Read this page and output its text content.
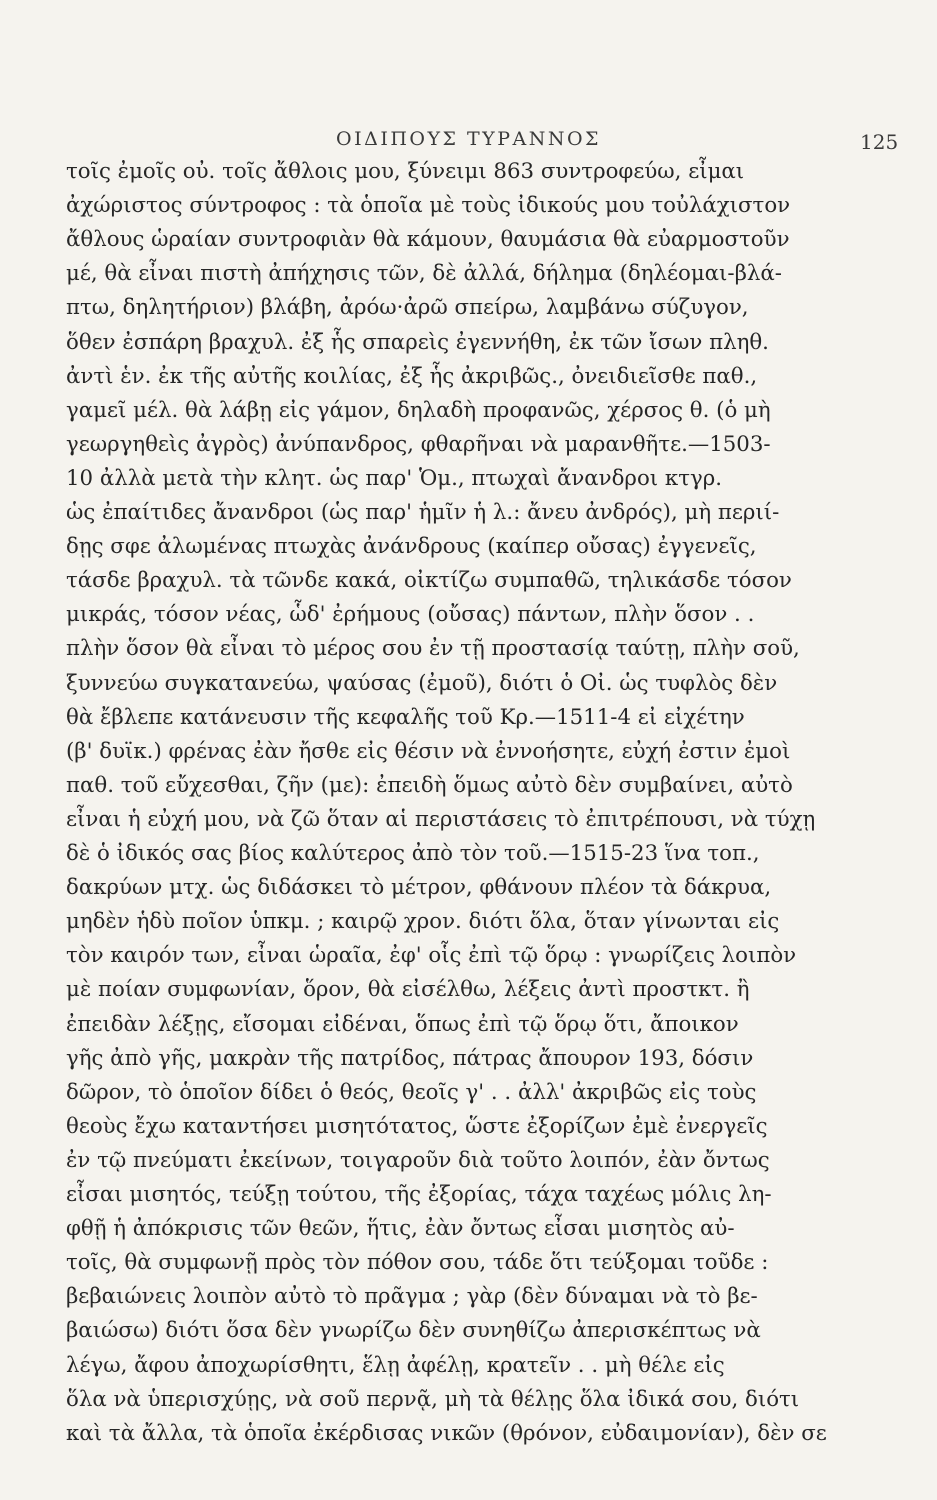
ΟΙΔΙΠΟΥΣ ΤΥΡΑΝΝΟΣ	125
τοῖς ἐμοῖς οὐ. τοῖς ἄθλοις μου, ξύνειμι 863 συντροφεύω, εἶμαι
ἀχώριστος σύντροφος : τὰ ὁποῖα μὲ τοὺς ἰδικούς μου τοὐλάχιστον
ἄθλους ὡραίαν συντροφιὰν θὰ κάμουν, θαυμάσια θὰ εὐαρμοστοῦν
μέ, θὰ εἶναι πιστὴ ἀπήχησις τῶν, δὲ ἀλλά, δήλημα (δηλέομαι-βλά-
πτω, δηλητήριον) βλάβη, ἀρόω·ἀρῶ σπείρω, λαμβάνω σύζυγον,
ὅθεν ἐσπάρη βραχυλ. ἐξ ἧς σπαρεὶς ἐγεννήθη, ἐκ τῶν ἴσων πληθ.
ἀντὶ ἑν. ἐκ τῆς αὐτῆς κοιλίας, ἐξ ἧς ἀκριβῶς., ὀνειδιεῖσθε παθ.,
γαμεῖ μέλ. θὰ λάβῃ εἰς γάμον, δηλαδὴ προφανῶς, χέρσος θ. (ὁ μὴ
γεωργηθεὶς ἀγρὸς) ἀνύπανδρος, φθαρῆναι νὰ μαρανθῆτε.—1503-
10 ἀλλὰ μετὰ τὴν κλητ. ὡς παρ' Ὁμ., πτωχαὶ ἄνανδροι κτγρ.
ὡς ἐπαίτιδες ἄνανδροι (ὡς παρ' ἡμῖν ἡ λ.: ἄνευ ἀνδρός), μὴ περιί-
δῃς σφε ἀλωμένας πτωχὰς ἀνάνδρους (καίπερ οὔσας) ἐγγενεῖς,
τάσδε βραχυλ. τὰ τῶνδε κακά, οἰκτίζω συμπαθῶ, τηλικάσδε τόσον
μικράς, τόσον νέας, ὧδ' ἐρήμους (οὔσας) πάντων, πλὴν ὅσον . .
πλὴν ὅσον θὰ εἶναι τὸ μέρος σου ἐν τῇ προστασίᾳ ταύτῃ, πλὴν σοῦ,
ξυννεύω συγκατανεύω, ψαύσας (ἐμοῦ), διότι ὁ Οἰ. ὡς τυφλὸς δὲν
θὰ ἔβλεπε κατάνευσιν τῆς κεφαλῆς τοῦ Κρ.—1511-4 εἰ εἰχέτην
(β' δυϊκ.) φρένας ἐὰν ἤσθε εἰς θέσιν νὰ ἐννοήσητε, εὐχή ἐστιν ἐμοὶ
παθ. τοῦ εὔχεσθαι, ζῆν (με): ἐπειδὴ ὅμως αὐτὸ δὲν συμβαίνει, αὐτὸ
εἶναι ἡ εὐχή μου, νὰ ζῶ ὅταν αἱ περιστάσεις τὸ ἐπιτρέπουσι, νὰ τύχῃ
δὲ ὁ ἰδικός σας βίος καλύτερος ἀπὸ τὸν τοῦ.—1515-23 ἵνα τοπ.,
δακρύων μτχ. ὡς διδάσκει τὸ μέτρον, φθάνουν πλέον τὰ δάκρυα,
μηδὲν ἡδὺ ποῖον ὑπκμ. ; καιρῷ χρον. διότι ὅλα, ὅταν γίνωνται εἰς
τὸν καιρόν των, εἶναι ὡραῖα, ἐφ' οἷς ἐπὶ τῷ ὅρῳ : γνωρίζεις λοιπὸν
μὲ ποίαν συμφωνίαν, ὅρον, θὰ εἰσέλθω, λέξεις ἀντὶ προστκτ. ἢ
ἐπειδὰν λέξῃς, εἴσομαι εἰδέναι, ὅπως ἐπὶ τῷ ὅρῳ ὅτι, ἄποικον
γῆς ἀπὸ γῆς, μακρὰν τῆς πατρίδος, πάτρας ἄπουρον 193, δόσιν
δῶρον, τὸ ὁποῖον δίδει ὁ θεός, θεοῖς γ' . . ἀλλ' ἀκριβῶς εἰς τοὺς
θεοὺς ἔχω καταντήσει μισητότατος, ὥστε ἐξορίζων ἐμὲ ἐνεργεῖς
ἐν τῷ πνεύματι ἐκείνων, τοιγαροῦν διὰ τοῦτο λοιπόν, ἐὰν ὄντως
εἶσαι μισητός, τεύξῃ τούτου, τῆς ἐξορίας, τάχα ταχέως μόλις λη-
φθῇ ἡ ἀπόκρισις τῶν θεῶν, ἥτις, ἐὰν ὄντως εἶσαι μισητὸς αὐ-
τοῖς, θὰ συμφωνῇ πρὸς τὸν πόθον σου, τάδε ὅτι τεύξομαι τοῦδε :
βεβαιώνεις λοιπὸν αὐτὸ τὸ πρᾶγμα ; γὰρ (δὲν δύναμαι νὰ τὸ βε-
βαιώσω) διότι ὅσα δὲν γνωρίζω δὲν συνηθίζω ἀπερισκέπτως νὰ
λέγω, ἄφου ἀποχωρίσθητι, ἕλῃ ἀφέλῃ, κρατεῖν . . μὴ θέλε εἰς
ὅλα νὰ ὑπερισχύῃς, νὰ σοῦ περνᾷ, μὴ τὰ θέλῃς ὅλα ἰδικά σου, διότι
καὶ τὰ ἄλλα, τὰ ὁποῖα ἐκέρδισας νικῶν (θρόνον, εὐδαιμονίαν), δὲν σε
